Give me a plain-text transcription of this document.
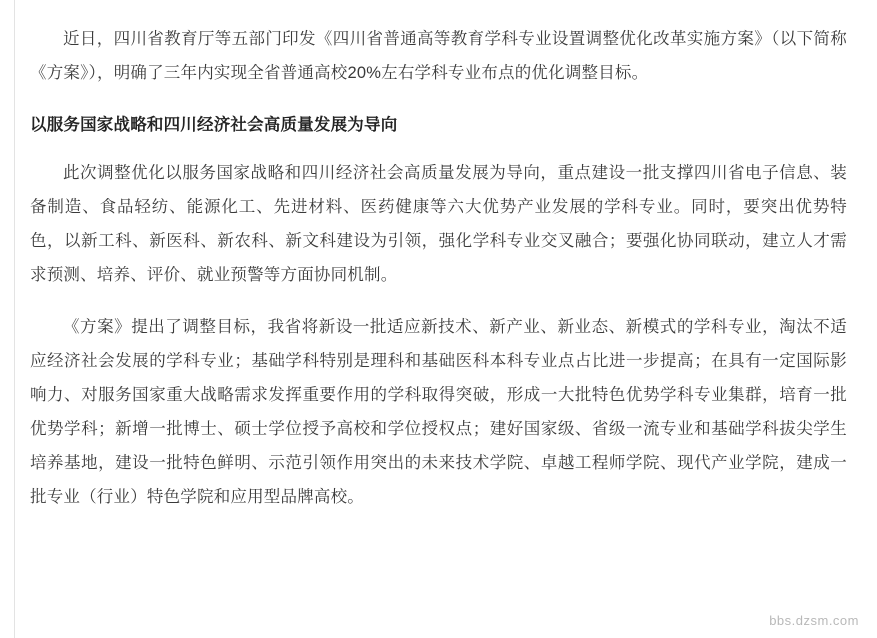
近日，四川省教育厅等五部门印发《四川省普通高等教育学科专业设置调整优化改革实施方案》（以下简称《方案》），明确了三年内实现全省普通高校20%左右学科专业布点的优化调整目标。

以服务国家战略和四川经济社会高质量发展为导向

此次调整优化以服务国家战略和四川经济社会高质量发展为导向，重点建设一批支撑四川省电子信息、装备制造、食品轻纺、能源化工、先进材料、医药健康等六大优势产业发展的学科专业。同时，要突出优势特色，以新工科、新医科、新农科、新文科建设为引领，强化学科专业交叉融合；要强化协同联动，建立人才需求预测、培养、评价、就业预警等方面协同机制。

《方案》提出了调整目标，我省将新设一批适应新技术、新产业、新业态、新模式的学科专业，淘汰不适应经济社会发展的学科专业；基础学科特别是理科和基础医科本科专业点占比进一步提高；在具有一定国际影响力、对服务国家重大战略需求发挥重要作用的学科取得突破，形成一大批特色优势学科专业集群，培育一批优势学科；新增一批博士、硕士学位授予高校和学位授权点；建好国家级、省级一流专业和基础学科拔尖学生培养基地，建设一批特色鲜明、示范引领作用突出的未来技术学院、卓越工程师学院、现代产业学院，建成一批专业（行业）特色学院和应用型品牌高校。

bbs.dzsm.com
